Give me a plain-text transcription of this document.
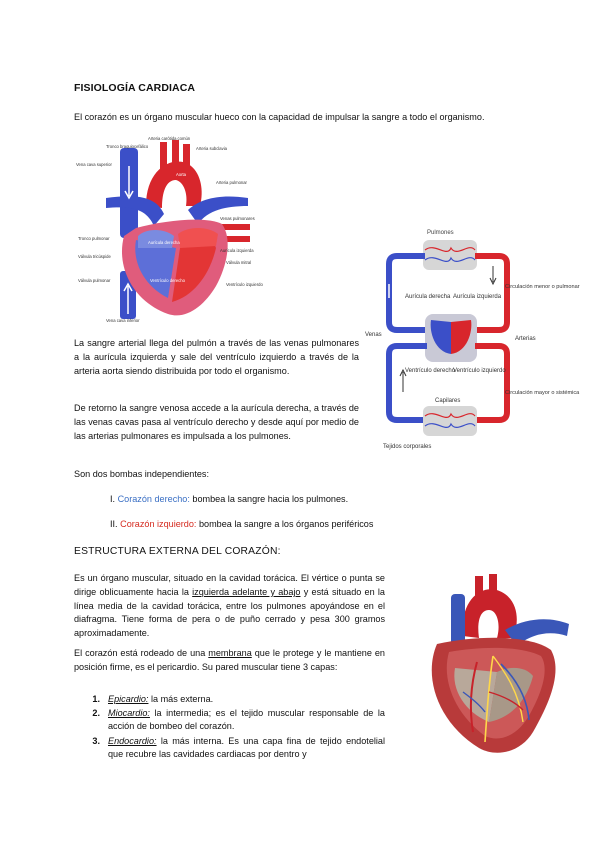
FISIOLOGÍA CARDIACA
El corazón es un órgano muscular hueco con la capacidad de impulsar la sangre a todo el organismo.
Tronco braquiocefálico
Vena cava superior
Arteria carótida común
Arteria subclavia
Aorta
Arteria pulmonar
Venas pulmonares
Aurícula izquierda
Válvula mitral
Ventrículo izquierdo
Aurícula derecha
Tronco pulmonar
Válvula tricúspide
Válvula pulmonar	Ventrículo derecho
Vena cava inferior
Pulmones
Aurícula derecha Aurícula izquierda
Circulación menor o pulmonar
Venas
Arterias
Ventrículo derecho
Ventrículo izquierdo
Circulación mayor o sistémica
Capilares
Tejidos corporales
La sangre arterial llega del pulmón a través de las venas pulmonares a la aurícula izquierda y sale del ventrículo izquierdo a través de la arteria aorta siendo distribuida por todo el organismo.
De retorno la sangre venosa accede a la aurícula derecha, a través de las venas cavas pasa al ventrículo derecho y desde aquí por medio de las arterias pulmonares es impulsada a los pulmones.
Son dos bombas independientes:
I. Corazón derecho: bombea la sangre hacia los pulmones.
II. Corazón izquierdo: bombea la sangre a los órganos periféricos
ESTRUCTURA EXTERNA DEL CORAZÓN:
Es un órgano muscular, situado en la cavidad torácica. El vértice o punta se dirige oblicuamente hacia la izquierda adelante y abajo y está situado en la línea media de la cavidad torácica, entre los pulmones apoyándose en el diafragma. Tiene forma de pera o de puño cerrado y pesa 300 gramos aproximadamente.
El corazón está rodeado de una membrana que le protege y le mantiene en posición firme, es el pericardio. Su pared muscular tiene 3 capas:
1. Epicardio: la más externa.
2. Miocardio: la intermedia; es el tejido muscular responsable de la acción de bombeo del corazón.
3. Endocardio: la más interna. Es una capa fina de tejido endotelial que recubre las cavidades cardiacas por dentro y
